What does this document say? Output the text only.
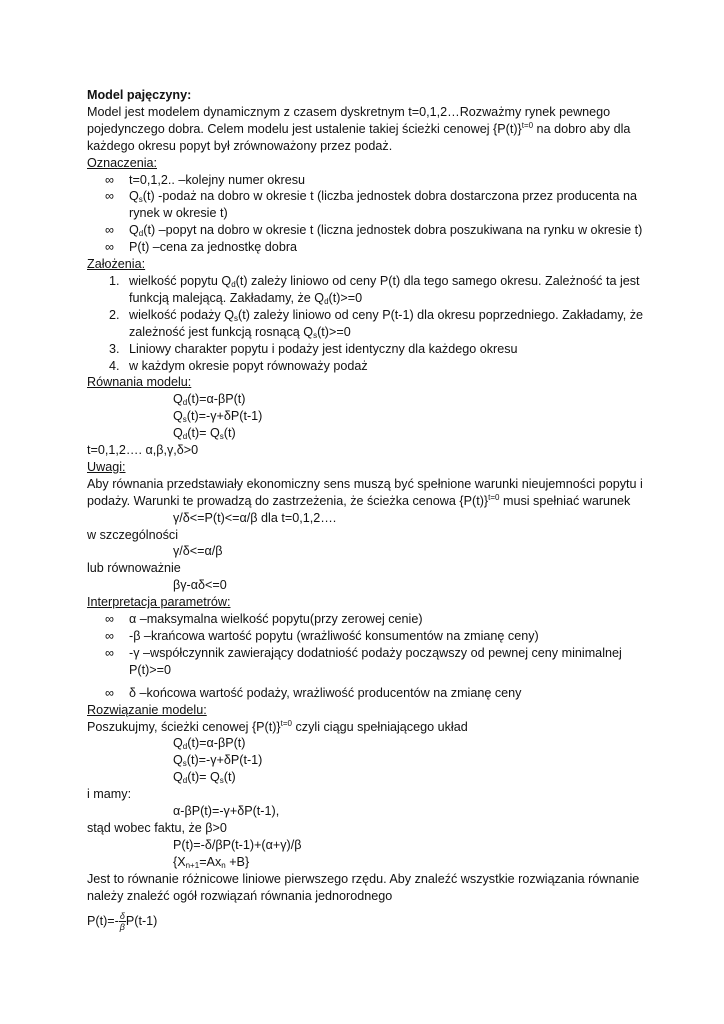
Model pajęczyny:

Model jest modelem dynamicznym z czasem dyskretnym t=0,1,2…Rozważmy rynek pewnego

pojedynczego dobra. Celem modelu jest ustalenie takiej ścieżki cenowej $\{P(t)\}^{t=0}$ na dobro aby dla

każdego okresu popyt był zrównoważony przez podaż.

Oznaczenia:

∞	t=0,1,2.. –kolejny numer okresu
∞	$Q_s(t)$ -podaż na dobro w okresie t (liczba jednostek dobra dostarczona przez producenta na
rynek w okresie t)
∞	$Q_d(t)$ –popyt na dobro w okresie t (liczna jednostek dobra poszukiwana na rynku w okresie t)
∞	P(t) –cena za jednostkę dobra

Założenia:

1. wielkość popytu $Q_d(t)$ zależy liniowo od ceny P(t) dla tego samego okresu. Zależność ta jest
funkcją malejącą. Zakładamy, że $Q_d(t)>=0$
2. wielkość podaży $Q_s(t)$ zależy liniowo od ceny P(t-1) dla okresu poprzedniego. Zakładamy, że
zależność jest funkcją rosnącą $Q_s(t)>=0$
3. Liniowy charakter popytu i podaży jest identyczny dla każdego okresu
4. w każdym okresie popyt równoważy podaż

Równania modelu:

$Q_d(t)=\alpha-\beta P(t)$

$Q_s(t)=-\gamma+\delta P(t-1)$

$Q_d(t)= Q_s(t)$

t=0,1,2…. α,β,γ,δ>0

Uwagi:

Aby równania przedstawiały ekonomiczny sens muszą być spełnione warunki nieujemności popytu i

podaży. Warunki te prowadzą do zastrzeżenia, że ścieżka cenowa $\{P(t)\}^{t=0}$ musi spełniać warunek

γ/δ<=P(t)<=α/β dla t=0,1,2….

w szczególności

γ/δ<=α/β

lub równoważnie

βγ-αδ<=0

Interpretacja parametrów:

∞	α –maksymalna wielkość popytu(przy zerowej cenie)
∞	-β –krańcowa wartość popytu (wrażliwość konsumentów na zmianę ceny)
∞	-γ –współczynnik zawierający dodatniość podaży począwszy od pewnej ceny minimalnej
P(t)>=0
∞	δ –końcowa wartość podaży, wrażliwość producentów na zmianę ceny

Rozwiązanie modelu:

Poszukujmy, ścieżki cenowej $\{P(t)\}^{t=0}$ czyli ciągu spełniającego układ

$Q_d(t)=\alpha-\beta P(t)$

$Q_s(t)=-\gamma+\delta P(t-1)$

$Q_d(t)= Q_s(t)$

i mamy:

α-βP(t)=-γ+δP(t-1),

stąd wobec faktu, że β>0

P(t)=-δ/βP(t-1)+(α+γ)/β

$\{X_{n+1}=Ax_n +B\}$

Jest to równanie różnicowe liniowe pierwszego rzędu. Aby znaleźć wszystkie rozwiązania równanie

należy znaleźć ogół rozwiązań równania jednorodnego

$P(t)=- \frac{\delta}{\beta} P(t-1)$
